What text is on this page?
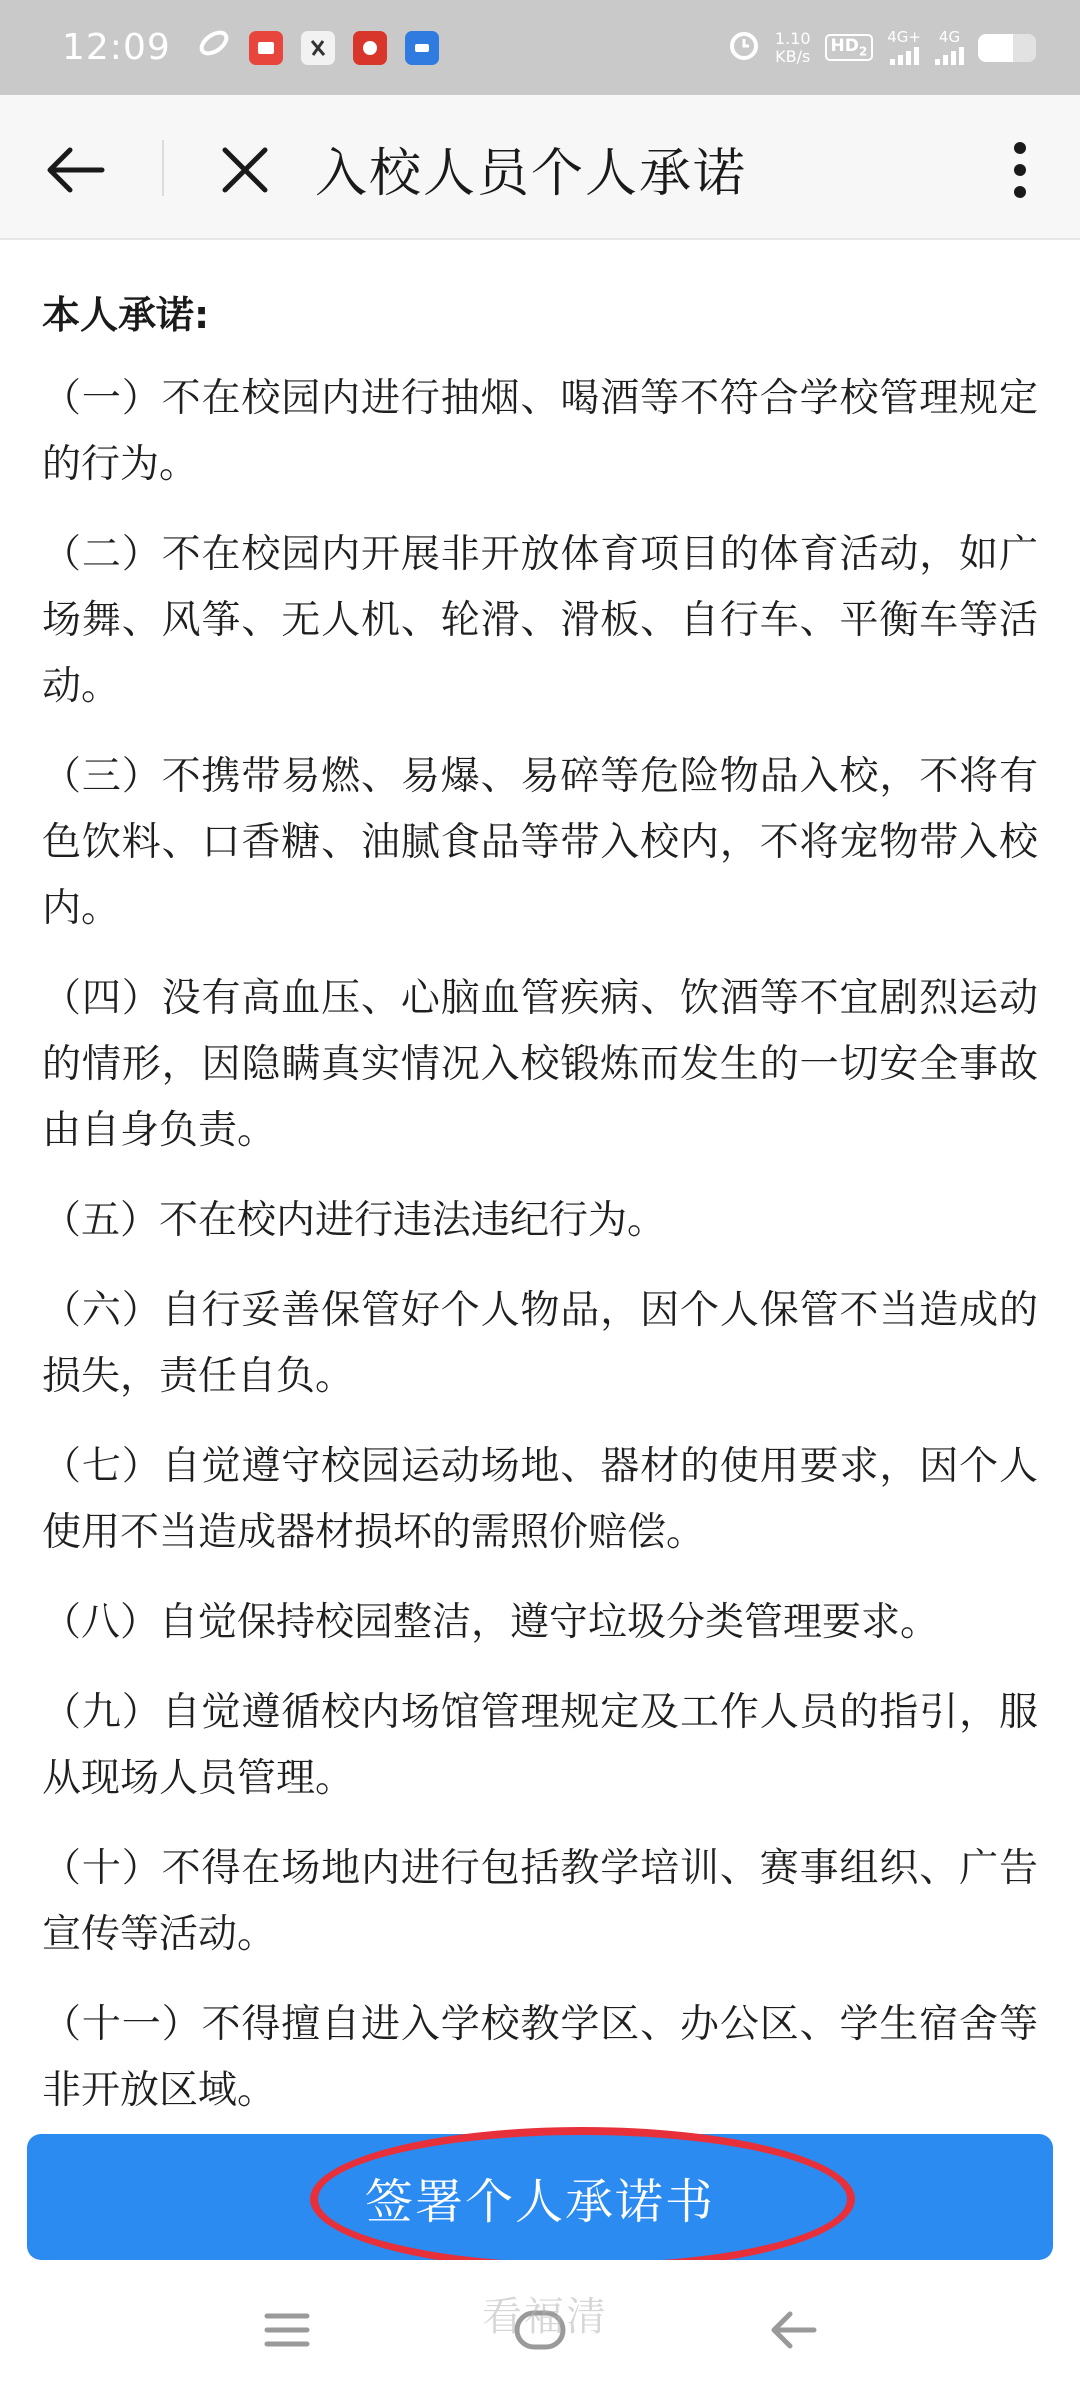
12:09	1.10
KB/s	$HD_2$
4G+ 4G
入校人员个人承诺
本人承诺:
（一）不在校园内进行抽烟、喝酒等不符合学校管理规定的行为。
（二）不在校园内开展非开放体育项目的体育活动，如广场舞、风筝、无人机、轮滑、滑板、自行车、平衡车等活动。
（三）不携带易燃、易爆、易碎等危险物品入校，不将有色饮料、口香糖、油腻食品等带入校内，不将宠物带入校内。
（四）没有高血压、心脑血管疾病、饮酒等不宜剧烈运动的情形，因隐瞒真实情况入校锻炼而发生的一切安全事故由自身负责。
（五）不在校内进行违法违纪行为。
（六）自行妥善保管好个人物品，因个人保管不当造成的损失，责任自负。
（七）自觉遵守校园运动场地、器材的使用要求，因个人使用不当造成器材损坏的需照价赔偿。
（八）自觉保持校园整洁，遵守垃圾分类管理要求。
（九）自觉遵循校内场馆管理规定及工作人员的指引，服从现场人员管理。
（十）不得在场地内进行包括教学培训、赛事组织、广告宣传等活动。
（十一）不得擅自进入学校教学区、办公区、学生宿舍等非开放区域。
签署个人承诺书
看福清
